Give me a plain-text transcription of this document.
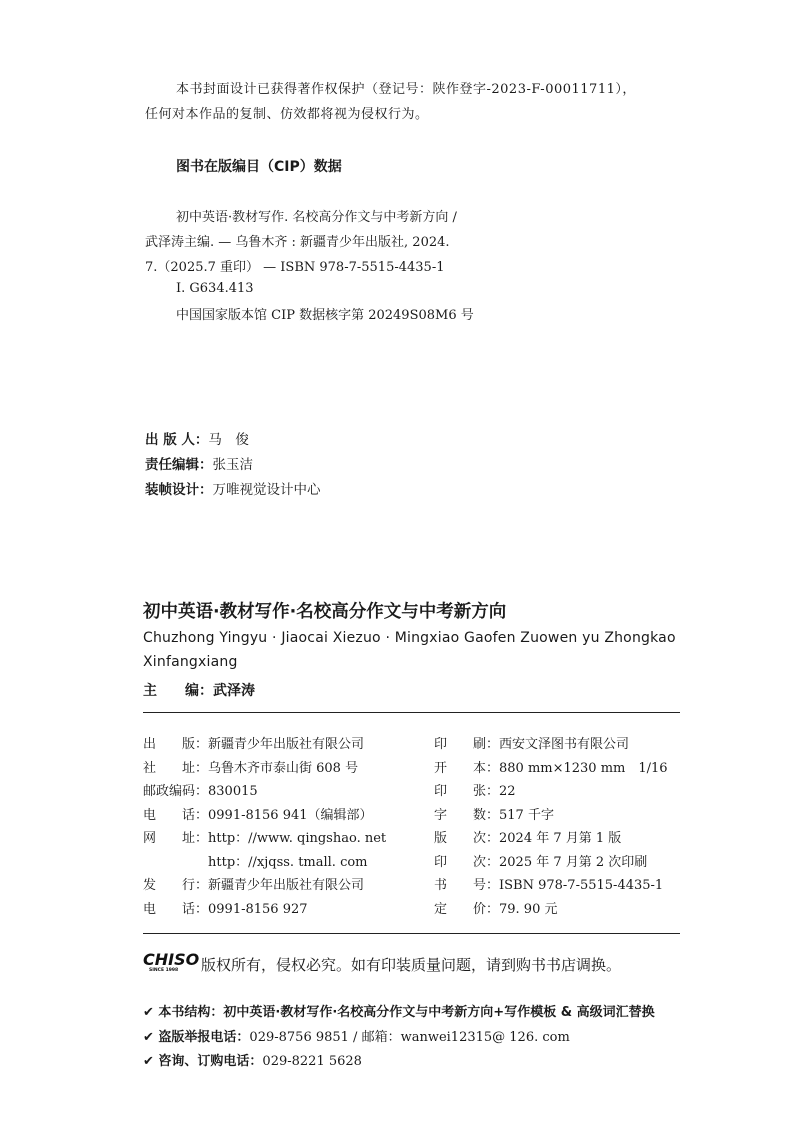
本书封面设计已获得著作权保护（登记号：陕作登字-2023-F-00011711），
任何对本作品的复制、仿效都将视为侵权行为。
图书在版编目（CIP）数据
初中英语·教材写作. 名校高分作文与中考新方向 /
武泽涛主编. — 乌鲁木齐 : 新疆青少年出版社, 2024.
7.（2025.7 重印） — ISBN 978-7-5515-4435-1
Ⅰ. G634.413
中国国家版本馆 CIP 数据核字第 20249S08M6 号
出 版 人：马　俊
责任编辑：张玉洁
装帧设计：万唯视觉设计中心
初中英语·教材写作·名校高分作文与中考新方向
Chuzhong Yingyu · Jiaocai Xiezuo · Mingxiao Gaofen Zuowen yu Zhongkao
Xinfangxiang
主　　编：武泽涛
出　　版：新疆青少年出版社有限公司
社　　址：乌鲁木齐市泰山街 608 号
邮政编码：830015
电　　话：0991-8156 941（编辑部）
网　　址：http：//www. qingshao. net
http：//xjqss. tmall. com
发　　行：新疆青少年出版社有限公司
电　　话：0991-8156 927
印　　刷：西安文泽图书有限公司
开　　本：880 mm×1230 mm　1/16
印　　张：22
字　　数：517 千字
版　　次：2024 年 7 月第 1 版
印　　次：2025 年 7 月第 2 次印刷
书　　号：ISBN 978-7-5515-4435-1
定　　价：79. 90 元
CHISO
SINCE 1998 版权所有，侵权必究。如有印装质量问题，请到购书书店调换。
✔ 本书结构：初中英语·教材写作·名校高分作文与中考新方向+写作模板 & 高级词汇替换
✔ 盗版举报电话：029-8756 9851 / 邮箱：wanwei12315@ 126. com
✔ 咨询、订购电话：029-8221 5628
